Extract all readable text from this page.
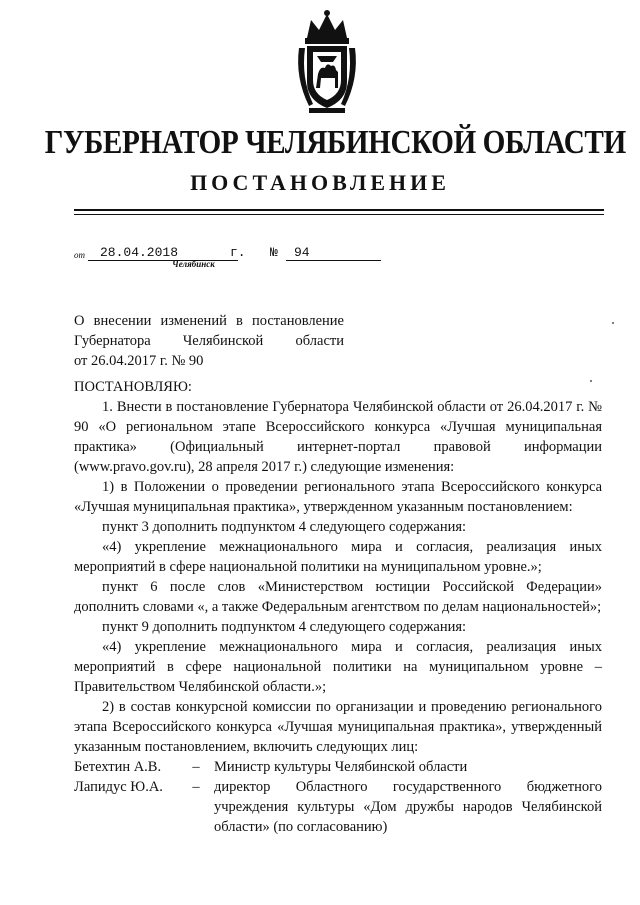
ГУБЕРНАТОР ЧЕЛЯБИНСКОЙ ОБЛАСТИ
ПОСТАНОВЛЕНИЕ
от 28.04.2018	г. № 94
Челябинск
О внесении изменений в постановление
Губернатора Челябинской области
от 26.04.2017 г. № 90

ПОСТАНОВЛЯЮ:

1. Внести в постановление Губернатора Челябинской области от 26.04.2017 г. № 90 «О региональном этапе Всероссийского конкурса «Лучшая муниципальная практика» (Официальный интернет-портал правовой информации (www.pravo.gov.ru), 28 апреля 2017 г.) следующие изменения:

1) в Положении о проведении регионального этапа Всероссийского конкурса «Лучшая муниципальная практика», утвержденном указанным постановлением:

пункт 3 дополнить подпунктом 4 следующего содержания:

«4) укрепление межнационального мира и согласия, реализация иных мероприятий в сфере национальной политики на муниципальном уровне.»;

пункт 6 после слов «Министерством юстиции Российской Федерации» дополнить словами «, а также Федеральным агентством по делам национальностей»;

пункт 9 дополнить подпунктом 4 следующего содержания:

«4) укрепление межнационального мира и согласия, реализация иных мероприятий в сфере национальной политики на муниципальном уровне – Правительством Челябинской области.»;

2) в состав конкурсной комиссии по организации и проведению регионального этапа Всероссийского конкурса «Лучшая муниципальная практика», утвержденный указанным постановлением, включить следующих лиц:

Бетехтин А.В.	– Министр культуры Челябинской области
Лапидус Ю.А.	– директор Областного государственного бюджетного учреждения культуры «Дом дружбы народов Челябинской области» (по согласованию)
